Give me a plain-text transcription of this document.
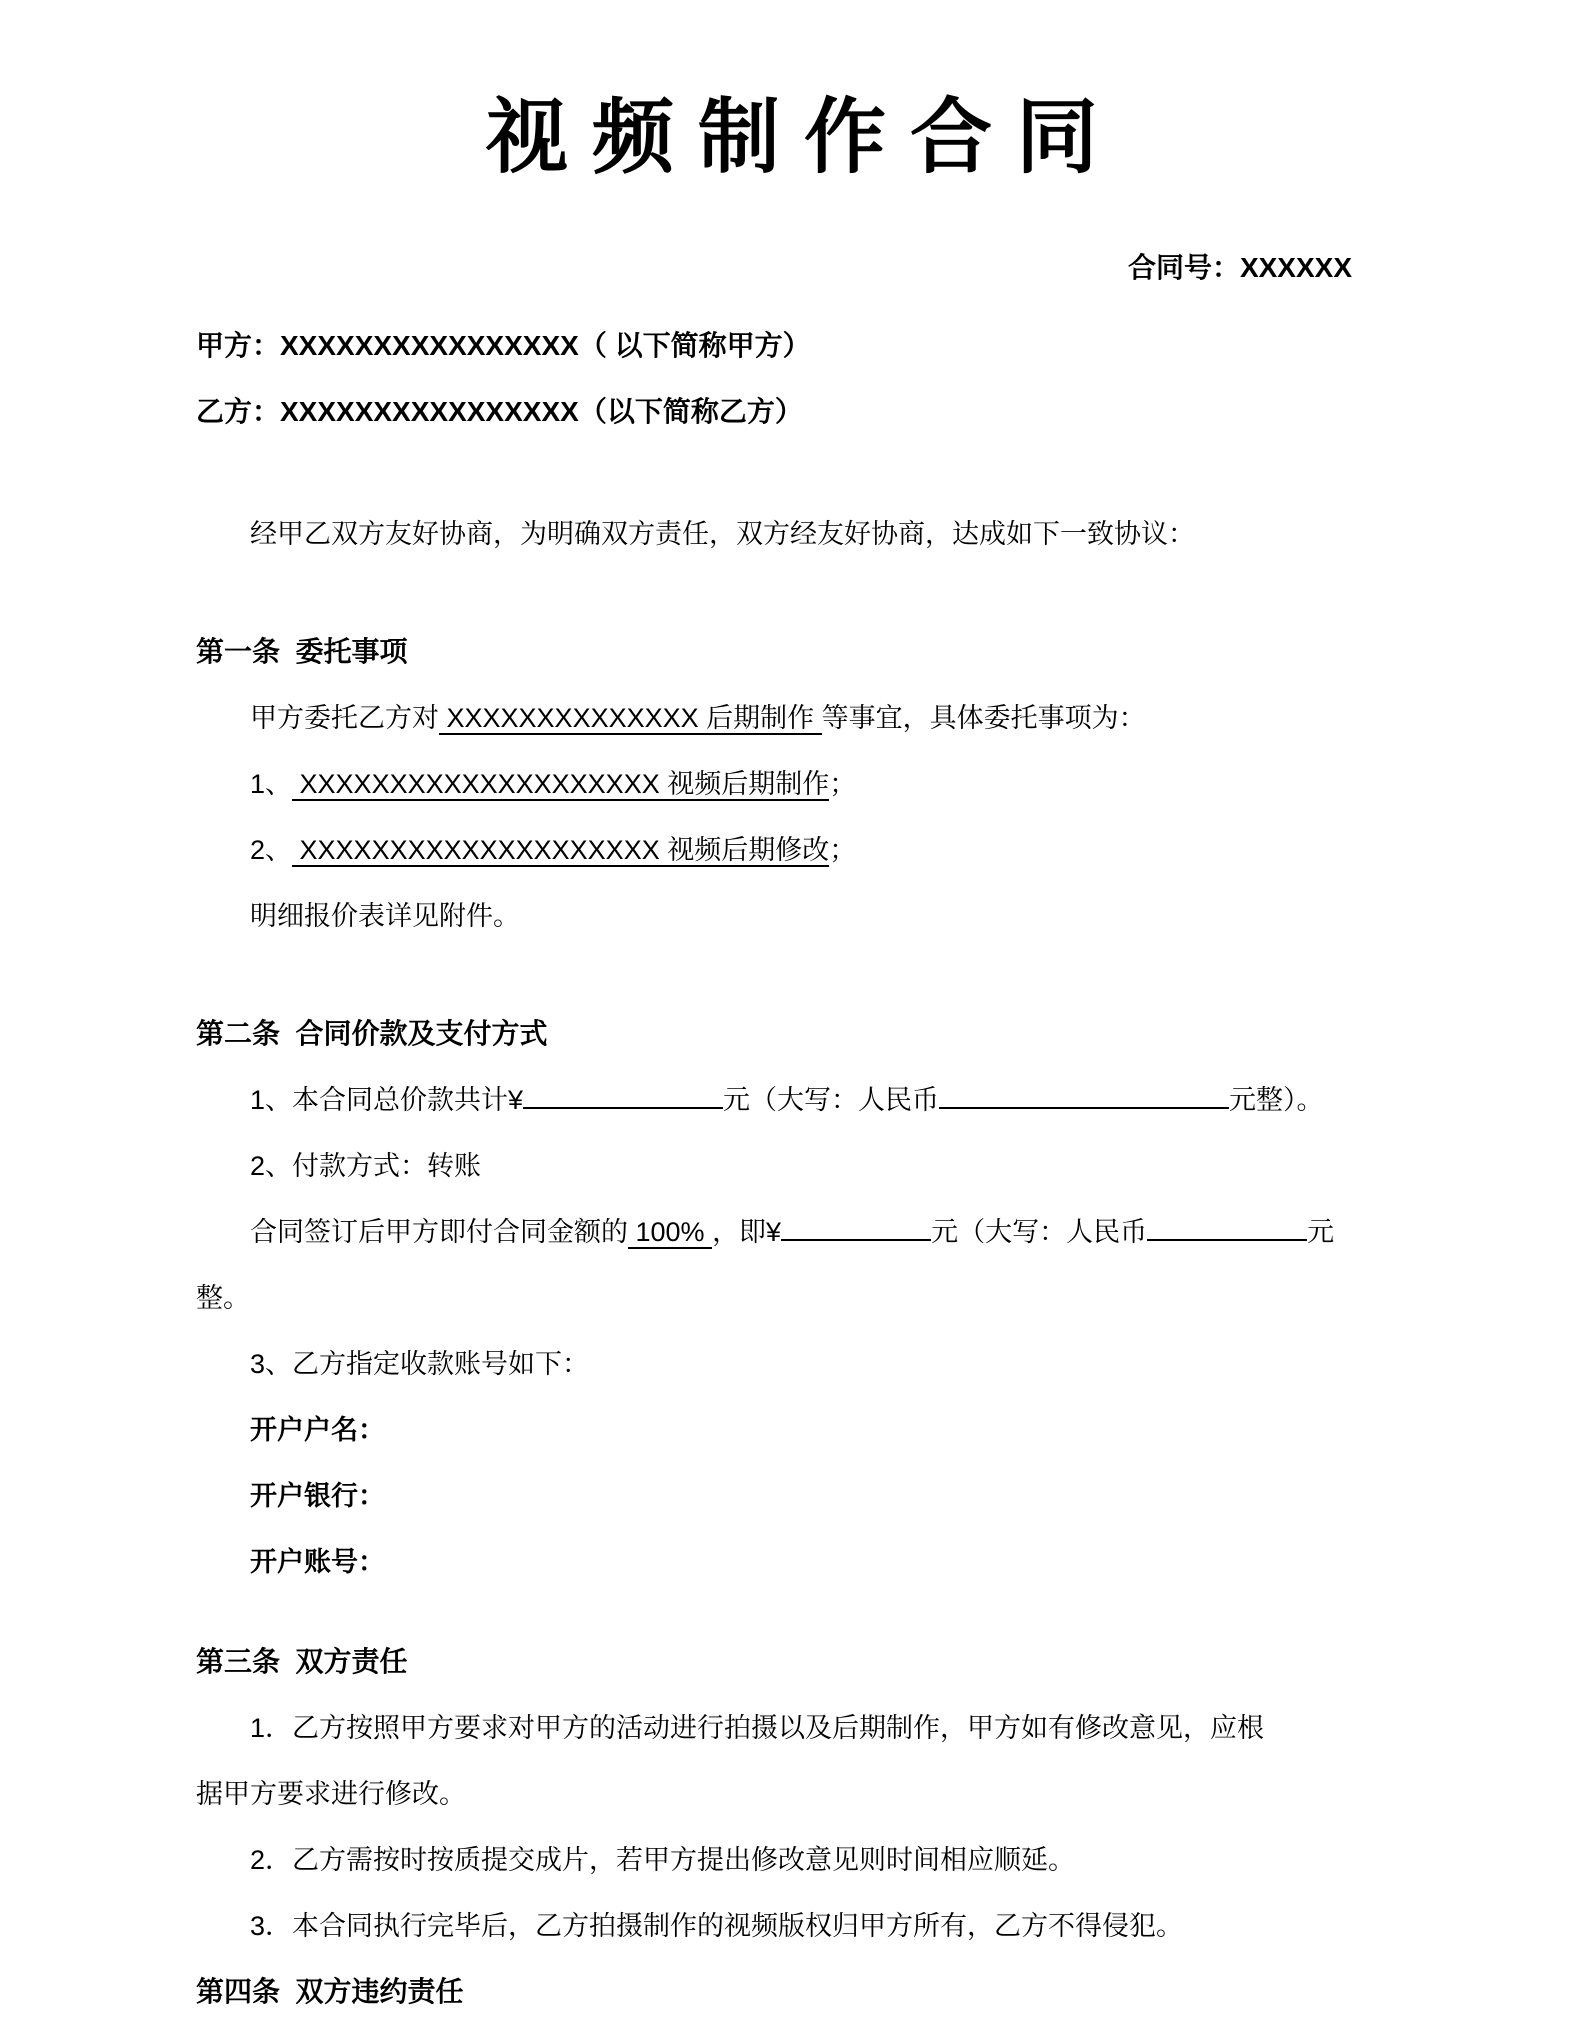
视频制作合同
合同号：XXXXXX
甲方：XXXXXXXXXXXXXXXX（ 以下简称甲方）
乙方：XXXXXXXXXXXXXXXX（以下简称乙方）
经甲乙双方友好协商，为明确双方责任，双方经友好协商，达成如下一致协议：
第一条  委托事项
甲方委托乙方对 XXXXXXXXXXXXXX 后期制作 等事宜，具体委托事项为：
1、 XXXXXXXXXXXXXXXXXXXX 视频后期制作；
2、 XXXXXXXXXXXXXXXXXXXX 视频后期修改；
明细报价表详见附件。
第二条  合同价款及支付方式
1、本合同总价款共计¥	元（大写：人民币	元整）。
2、付款方式：转账
合同签订后甲方即付合同金额的 100% ，即¥	元（大写：人民币	元
整。
3、乙方指定收款账号如下：
开户户名：
开户银行：
开户账号：
第三条  双方责任
1．乙方按照甲方要求对甲方的活动进行拍摄以及后期制作，甲方如有修改意见，应根
据甲方要求进行修改。
2．乙方需按时按质提交成片，若甲方提出修改意见则时间相应顺延。
3．本合同执行完毕后，乙方拍摄制作的视频版权归甲方所有，乙方不得侵犯。
第四条  双方违约责任
